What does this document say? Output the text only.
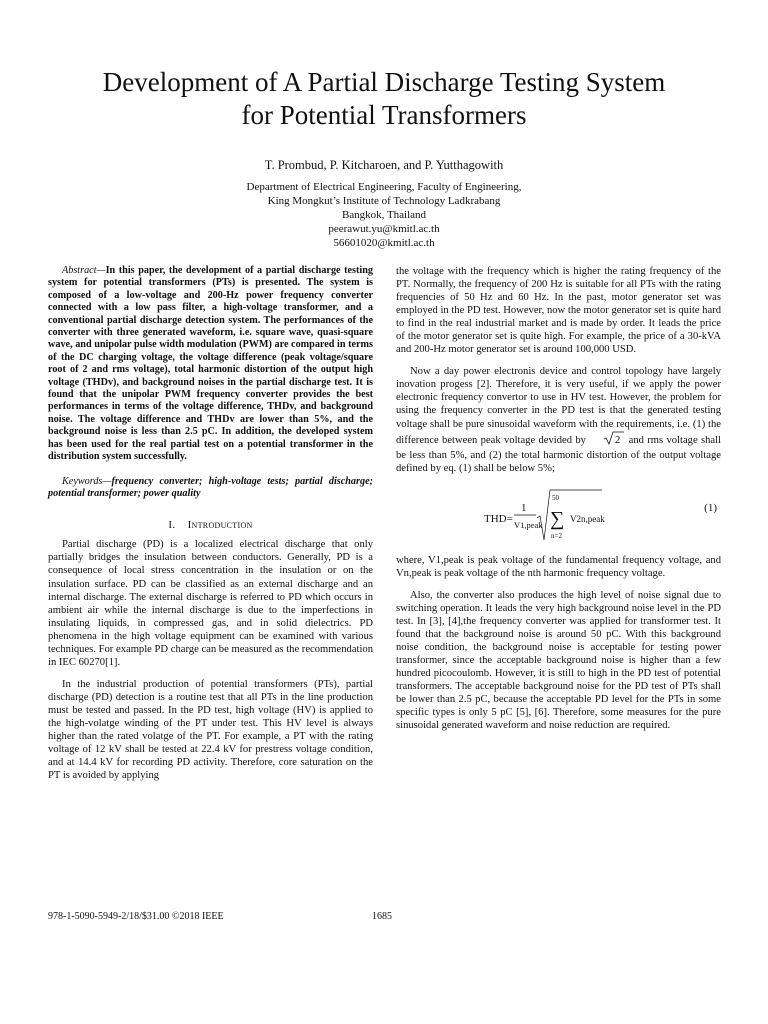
Development of A Partial Discharge Testing System
for Potential Transformers
T. Prombud, P. Kitcharoen, and P. Yutthagowith
Department of Electrical Engineering, Faculty of Engineering,
King Mongkut’s Institute of Technology Ladkrabang
Bangkok, Thailand
peerawut.yu@kmitl.ac.th
56601020@kmitl.ac.th

Abstract—In this paper, the development of a partial discharge testing system for potential transformers (PTs) is presented. The system is composed of a low-voltage and 200-Hz power frequency converter connected with a low pass filter, a high-voltage transformer, and a conventional partial discharge detection system. The performances of the converter with three generated waveform, i.e. square wave, quasi-square wave, and unipolar pulse width modulation (PWM) are compared in terms of the DC charging voltage, the voltage difference (peak voltage/square root of 2 and rms voltage), total harmonic distortion of the output high voltage (THDv), and background noises in the partial discharge test. It is found that the unipolar PWM frequency converter provides the best performances in terms of the voltage difference, THDv, and background noise. The voltage difference and THDv are lower than 5%, and the background noise is less than 2.5 pC. In addition, the developed system has been used for the real partial test on a potential transformer in the distribution system successfully.

Keywords—frequency converter; high-voltage tests; partial discharge; potential transformer; power quality

I. Introduction

Partial discharge (PD) is a localized electrical discharge that only partially bridges the insulation between conductors. Generally, PD is a consequence of local stress concentration in the insulation or on the insulation surface. PD can be classified as an external discharge and an internal discharge. The external discharge is referred to PD which occurs in ambient air while the internal discharge is due to the imperfections in insulating liquids, in compressed gas, and in solid dielectrics. PD phenomena in the high voltage equipment can be examined with various techniques. For example PD charge can be measured as the recommendation in IEC 60270[1].

In the industrial production of potential transformers (PTs), partial discharge (PD) detection is a routine test that all PTs in the line production must be tested and passed. In the PD test, high voltage (HV) is applied to the high-volatge winding of the PT under test. This HV level is always higher than the rated volatge of the PT. For example, a PT with the rating voltage of 12 kV shall be tested at 22.4 kV for prestress voltage condition, and at 14.4 kV for recording PD activity. Therefore, core saturation on the PT is avoided by applying

the voltage with the frequency which is higher the rating frequency of the PT. Normally, the frequency of 200 Hz is suitable for all PTs with the rating frequencies of 50 Hz and 60 Hz. In the past, motor generator set was employed in the PD test. However, now the motor generator set is quite hard to find in the real industrial market and is made by order. It leads the price of the motor generator set is quite high. For example, the price of a 30-kVA and 200-Hz motor generator set is around 100,000 USD.

Now a day power electronis device and control topology have largely inovation progess [2]. Therefore, it is very useful, if we apply the power electronic frequency convertor to use in HV test. However, the problem for using the frequency converter in the PD test is that the generated testing voltage shall be pure sinusoidal waveform with the requirements, i.e. (1) the difference between peak voltage devided by	2 and rms voltage shall be less than 5%, and (2) the total harmonic distortion of the output voltage defined by eq. (1) shall be below 5%;

THD=
1
V1,peak
50
∑
n=2
V2n,peak
(1)

where, V1,peak is peak voltage of the fundamental frequency voltage, and Vn,peak is peak voltage of the nth harmonic frequency voltage.

Also, the converter also produces the high level of noise signal due to switching operation. It leads the very high background noise level in the PD test. In [3], [4],the frequency converter was applied for transformer test. It found that the background noise is around 50 pC. With this background noise condition, the background noise is acceptable for testing power transformer, since the acceptable background noise is higher than a few hundred picocoulomb. However, it is still to high in the PD test of potential transformers. The acceptable background noise for the PD test of PTs shall be lower than 2.5 pC, because the acceptable PD level for the PTs in some specific types is only 5 pC [5], [6]. Therefore, some measures for the pure sinusoidal generated waveform and noise reduction are required.

978-1-5090-5949-2/18/$31.00 ©2018 IEEE	1685
